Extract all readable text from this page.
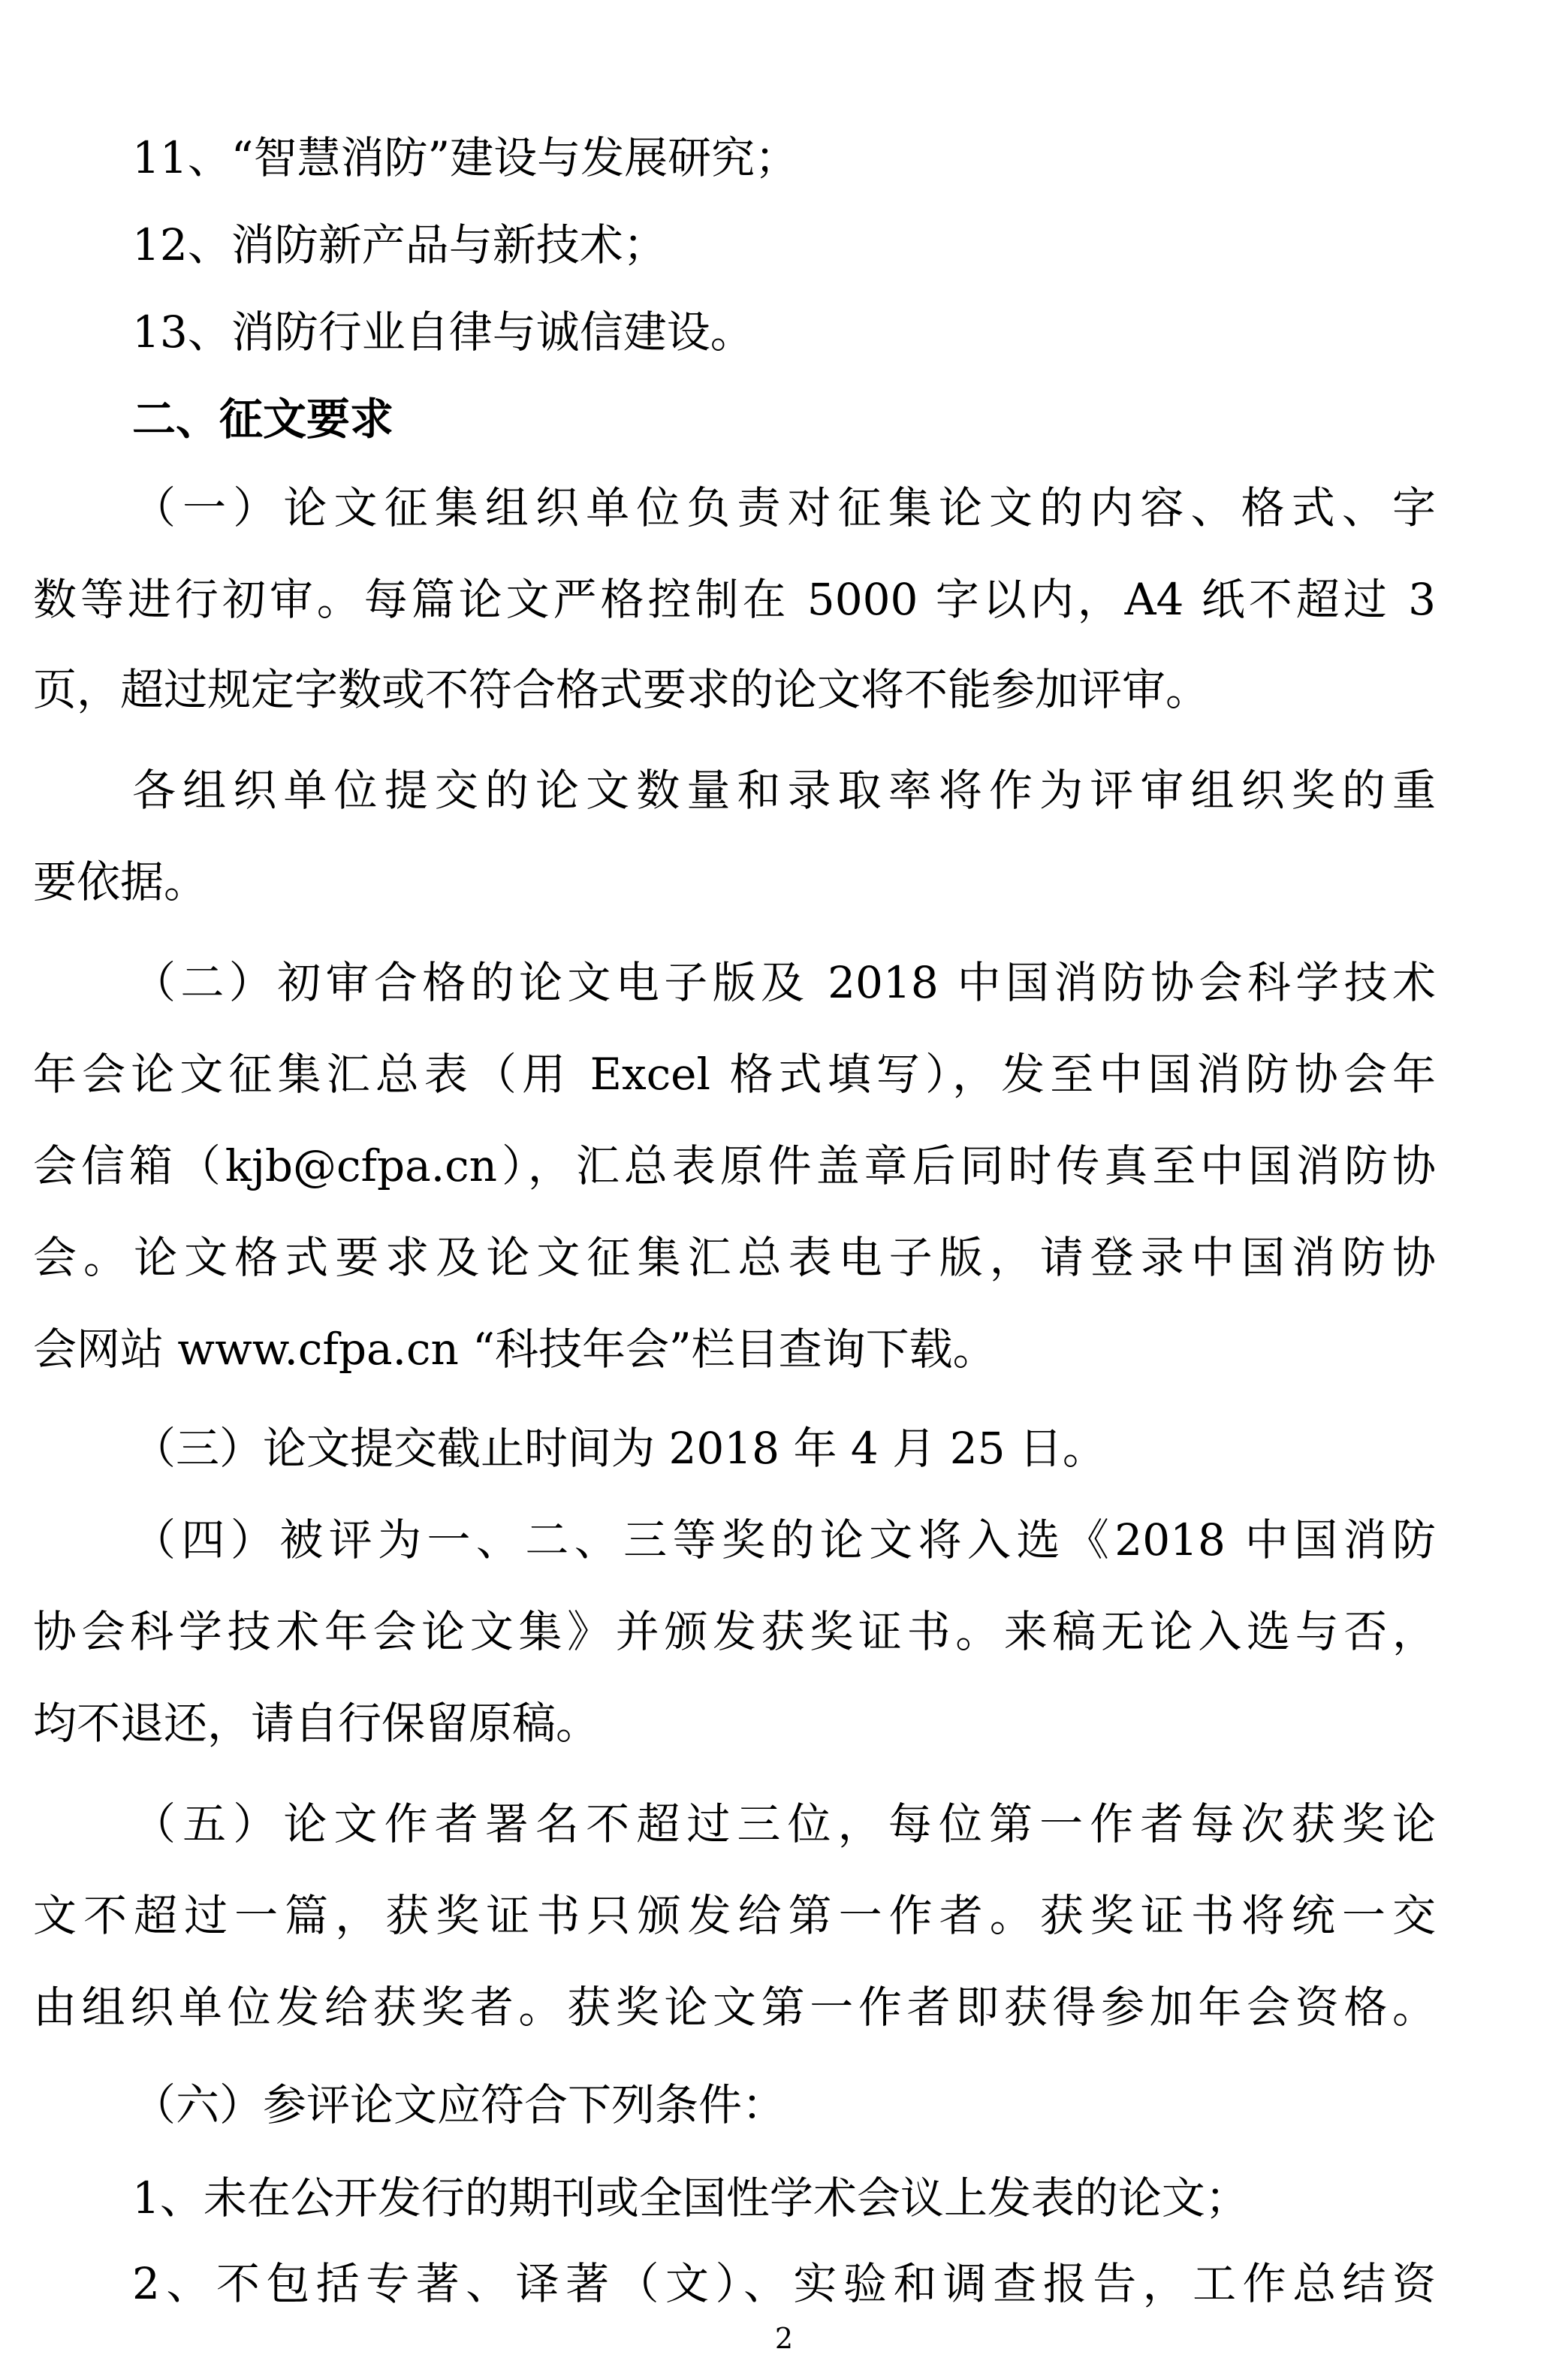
11、“智慧消防”建设与发展研究；
12、消防新产品与新技术；
13、消防行业自律与诚信建设。
二、征文要求
（一）论文征集组织单位负责对征集论文的内容、格式、字
数等进行初审。每篇论文严格控制在 5000 字以内，A4 纸不超过 3
页，超过规定字数或不符合格式要求的论文将不能参加评审。
各组织单位提交的论文数量和录取率将作为评审组织奖的重
要依据。
（二）初审合格的论文电子版及 2018 中国消防协会科学技术
年会论文征集汇总表（用 Excel 格式填写），发至中国消防协会年
会信箱（kjb@cfpa.cn），汇总表原件盖章后同时传真至中国消防协
会。论文格式要求及论文征集汇总表电子版，请登录中国消防协
会网站 www.cfpa.cn “科技年会”栏目查询下载。
（三）论文提交截止时间为 2018 年 4 月 25 日。
（四）被评为一、二、三等奖的论文将入选《2018 中国消防
协会科学技术年会论文集》并颁发获奖证书。来稿无论入选与否，
均不退还，请自行保留原稿。
（五）论文作者署名不超过三位，每位第一作者每次获奖论
文不超过一篇，获奖证书只颁发给第一作者。获奖证书将统一交
由组织单位发给获奖者。获奖论文第一作者即获得参加年会资格。
（六）参评论文应符合下列条件：
1、未在公开发行的期刊或全国性学术会议上发表的论文；
2、不包括专著、译著（文）、实验和调查报告，工作总结资
2
